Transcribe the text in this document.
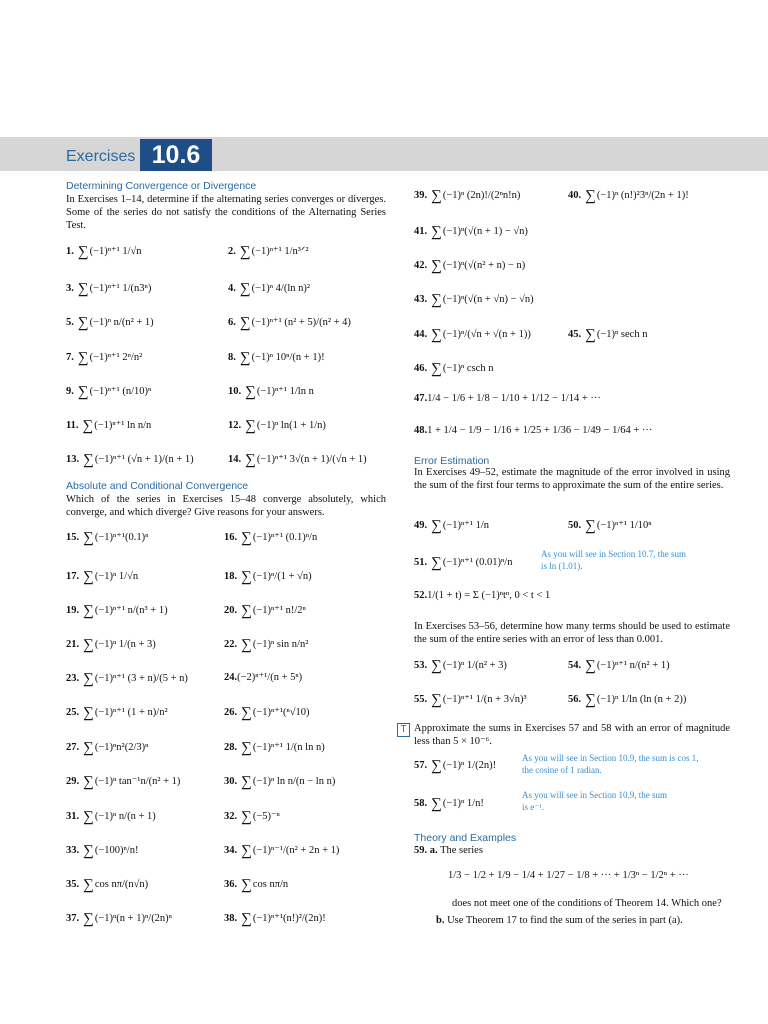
Exercises 10.6
Determining Convergence or Divergence
In Exercises 1–14, determine if the alternating series converges or diverges. Some of the series do not satisfy the conditions of the Alternating Series Test.
1. ∑(−1)ⁿ⁺¹ 1/√n	2. ∑(−1)ⁿ⁺¹ 1/n³ᐟ²
3. ∑(−1)ⁿ⁺¹ 1/(n3ⁿ)	4. ∑(−1)ⁿ 4/(ln n)²
5. ∑(−1)ⁿ n/(n² + 1)	6. ∑(−1)ⁿ⁺¹ (n² + 5)/(n² + 4)
7. ∑(−1)ⁿ⁺¹ 2ⁿ/n²	8. ∑(−1)ⁿ 10ⁿ/(n + 1)!
9. ∑(−1)ⁿ⁺¹ (n/10)ⁿ	10. ∑(−1)ⁿ⁺¹ 1/ln n
11. ∑(−1)ⁿ⁺¹ ln n/n	12. ∑(−1)ⁿ ln(1 + 1/n)
13. ∑(−1)ⁿ⁺¹ (√n + 1)/(n + 1)	14. ∑(−1)ⁿ⁺¹ 3√(n + 1)/(√n + 1)
Absolute and Conditional Convergence
Which of the series in Exercises 15–48 converge absolutely, which converge, and which diverge? Give reasons for your answers.
15. ∑(−1)ⁿ⁺¹(0.1)ⁿ	16. ∑(−1)ⁿ⁺¹ (0.1)ⁿ/n
17. ∑(−1)ⁿ 1/√n	18. ∑(−1)ⁿ/(1 + √n)
19. ∑(−1)ⁿ⁺¹ n/(n³ + 1)	20. ∑(−1)ⁿ⁺¹ n!/2ⁿ
21. ∑(−1)ⁿ 1/(n + 3)	22. ∑(−1)ⁿ sin n/n²
23. ∑(−1)ⁿ⁺¹ (3 + n)/(5 + n)	24.(−2)ⁿ⁺¹/(n + 5ⁿ)
25. ∑(−1)ⁿ⁺¹ (1 + n)/n²	26. ∑(−1)ⁿ⁺¹(ⁿ√10)
27. ∑(−1)ⁿn²(2/3)ⁿ	28. ∑(−1)ⁿ⁺¹ 1/(n ln n)
29. ∑(−1)ⁿ tan⁻¹n/(n² + 1)	30. ∑(−1)ⁿ ln n/(n − ln n)
31. ∑(−1)ⁿ n/(n + 1)	32. ∑(−5)⁻ⁿ
33. ∑(−100)ⁿ/n!	34. ∑(−1)ⁿ⁻¹/(n² + 2n + 1)
35. ∑cos nπ/(n√n)	36. ∑cos nπ/n
37. ∑(−1)ⁿ(n + 1)ⁿ/(2n)ⁿ	38. ∑(−1)ⁿ⁺¹(n!)²/(2n)!
39. ∑(−1)ⁿ (2n)!/(2ⁿn!n)	40. ∑(−1)ⁿ (n!)²3ⁿ/(2n + 1)!
41. ∑(−1)ⁿ(√(n + 1) − √n)
42. ∑(−1)ⁿ(√(n² + n) − n)
43. ∑(−1)ⁿ(√(n + √n) − √n)
44. ∑(−1)ⁿ/(√n + √(n + 1))	45. ∑(−1)ⁿ sech n
46. ∑(−1)ⁿ csch n
47.1/4 − 1/6 + 1/8 − 1/10 + 1/12 − 1/14 + ···
48.1 + 1/4 − 1/9 − 1/16 + 1/25 + 1/36 − 1/49 − 1/64 + ···
Error Estimation
In Exercises 49–52, estimate the magnitude of the error involved in using the sum of the first four terms to approximate the sum of the entire series.
49. ∑(−1)ⁿ⁺¹ 1/n	50. ∑(−1)ⁿ⁺¹ 1/10ⁿ
51. ∑(−1)ⁿ⁺¹ (0.01)ⁿ/n
52.1/(1 + t) = Σ (−1)ⁿtⁿ, 0 < t < 1
As you will see in Section 10.7, the sum is ln (1.01).
In Exercises 53–56, determine how many terms should be used to estimate the sum of the entire series with an error of less than 0.001.
53. ∑(−1)ⁿ 1/(n² + 3)	54. ∑(−1)ⁿ⁺¹ n/(n² + 1)
55. ∑(−1)ⁿ⁺¹ 1/(n + 3√n)³	56. ∑(−1)ⁿ 1/ln (ln (n + 2))
T Approximate the sums in Exercises 57 and 58 with an error of magnitude less than 5 × 10⁻⁶.
57. ∑(−1)ⁿ 1/(2n)!
58. ∑(−1)ⁿ 1/n!
As you will see in Section 10.9, the sum is cos 1, the cosine of 1 radian.
As you will see in Section 10.9, the sum is e⁻¹.
Theory and Examples
59. a. The series
1/3 − 1/2 + 1/9 − 1/4 + 1/27 − 1/8 + ··· + 1/3ⁿ − 1/2ⁿ + ···
does not meet one of the conditions of Theorem 14. Which one?
b. Use Theorem 17 to find the sum of the series in part (a).
